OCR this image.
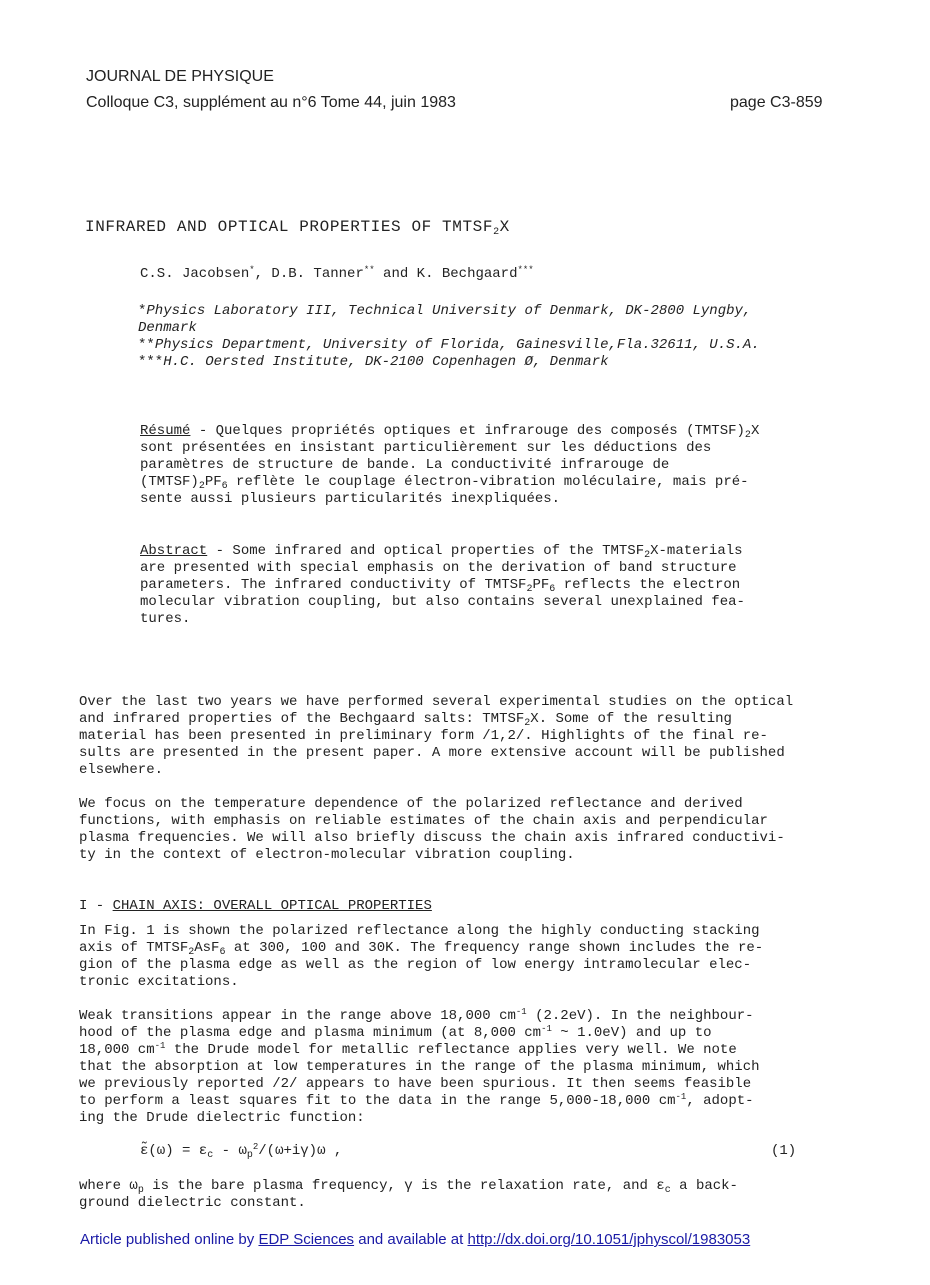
JOURNAL DE PHYSIQUE
Colloque C3, supplément au n°6 Tome 44, juin 1983	page C3-859
INFRARED AND OPTICAL PROPERTIES OF $TMTSF_2X$
C.S. Jacobsen*, D.B. Tanner** and K. Bechgaard***
*Physics Laboratory III, Technical University of Denmark, DK-2800 Lyngby,
Denmark
**Physics Department, University of Florida, Gainesville,Fla.32611, U.S.A.
***H.C. Oersted Institute, DK-2100 Copenhagen Ø, Denmark
Résumé - Quelques propriétés optiques et infrarouge des composés $(TMTSF)_2X$
sont présentées en insistant particulièrement sur les déductions des
paramètres de structure de bande. La conductivité infrarouge de
$(TMTSF)_2PF_6$ reflète le couplage électron-vibration moléculaire, mais pré-
sente aussi plusieurs particularités inexpliquées.
Abstract - Some infrared and optical properties of the $TMTSF_2X$-materials
are presented with special emphasis on the derivation of band structure
parameters. The infrared conductivity of $TMTSF_2PF_6$ reflects the electron
molecular vibration coupling, but also contains several unexplained fea-
tures.
Over the last two years we have performed several experimental studies on the optical
and infrared properties of the Bechgaard salts: $TMTSF_2X$. Some of the resulting
material has been presented in preliminary form /1,2/. Highlights of the final re-
sults are presented in the present paper. A more extensive account will be published
elsewhere.
We focus on the temperature dependence of the polarized reflectance and derived
functions, with emphasis on reliable estimates of the chain axis and perpendicular
plasma frequencies. We will also briefly discuss the chain axis infrared conductivi-
ty in the context of electron-molecular vibration coupling.
I - CHAIN AXIS: OVERALL OPTICAL PROPERTIES
In Fig. 1 is shown the polarized reflectance along the highly conducting stacking
axis of $TMTSF_2AsF_6$ at 300, 100 and 30K. The frequency range shown includes the re-
gion of the plasma edge as well as the region of low energy intramolecular elec-
tronic excitations.
Weak transitions appear in the range above 18,000 $cm^{-1}$ (2.2eV). In the neighbour-
hood of the plasma edge and plasma minimum (at 8,000 $cm^{-1}$ ~ 1.0eV) and up to
18,000 $cm^{-1}$ the Drude model for metallic reflectance applies very well. We note
that the absorption at low temperatures in the range of the plasma minimum, which
we previously reported /2/ appears to have been spurious. It then seems feasible
to perform a least squares fit to the data in the range 5,000-18,000 $cm^{-1}$, adopt-
ing the Drude dielectric function:
ε̃(ω) = $\varepsilon_c - \omega_p^2/(\omega+i\gamma)\omega$ ,	(1)
where $\omega_p$ is the bare plasma frequency, γ is the relaxation rate, and $\varepsilon_c$ a back-
ground dielectric constant.
Article published online by EDP Sciences and available at http://dx.doi.org/10.1051/jphyscol/1983053
